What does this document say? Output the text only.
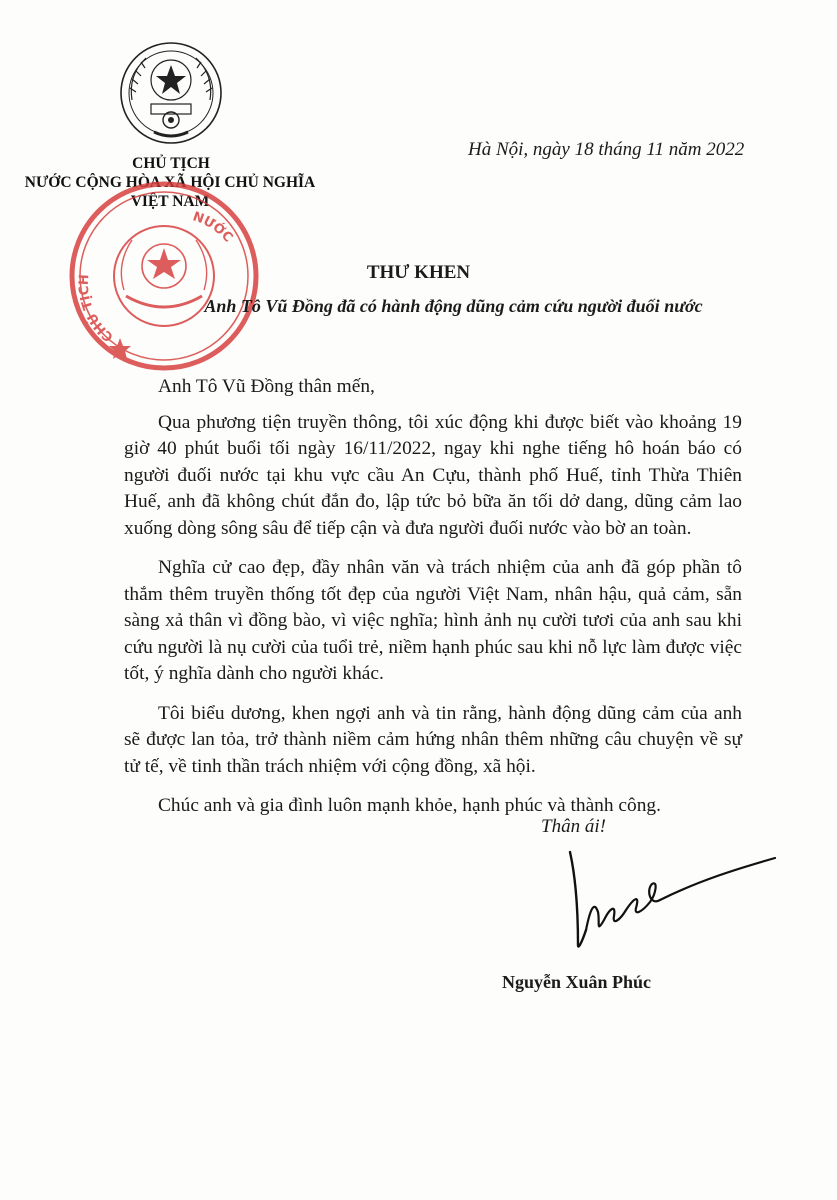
CHỦ TỊCH
NƯỚC CỘNG HÒA XÃ HỘI CHỦ NGHĨA
VIỆT NAM
Hà Nội, ngày 18 tháng 11 năm 2022
CHỦ TỊCH
NƯỚC
THƯ KHEN
Anh Tô Vũ Đồng đã có hành động dũng cảm cứu người đuối nước

Anh Tô Vũ Đồng thân mến,

Qua phương tiện truyền thông, tôi xúc động khi được biết vào khoảng 19 giờ 40 phút buổi tối ngày 16/11/2022, ngay khi nghe tiếng hô hoán báo có người đuối nước tại khu vực cầu An Cựu, thành phố Huế, tỉnh Thừa Thiên Huế, anh đã không chút đắn đo, lập tức bỏ bữa ăn tối dở dang, dũng cảm lao xuống dòng sông sâu để tiếp cận và đưa người đuối nước vào bờ an toàn.

Nghĩa cử cao đẹp, đầy nhân văn và trách nhiệm của anh đã góp phần tô thắm thêm truyền thống tốt đẹp của người Việt Nam, nhân hậu, quả cảm, sẵn sàng xả thân vì đồng bào, vì việc nghĩa; hình ảnh nụ cười tươi của anh sau khi cứu người là nụ cười của tuổi trẻ, niềm hạnh phúc sau khi nỗ lực làm được việc tốt, ý nghĩa dành cho người khác.

Tôi biểu dương, khen ngợi anh và tin rằng, hành động dũng cảm của anh sẽ được lan tỏa, trở thành niềm cảm hứng nhân thêm những câu chuyện về sự tử tế, về tinh thần trách nhiệm với cộng đồng, xã hội.

Chúc anh và gia đình luôn mạnh khỏe, hạnh phúc và thành công.

Thân ái!
Nguyễn Xuân Phúc
